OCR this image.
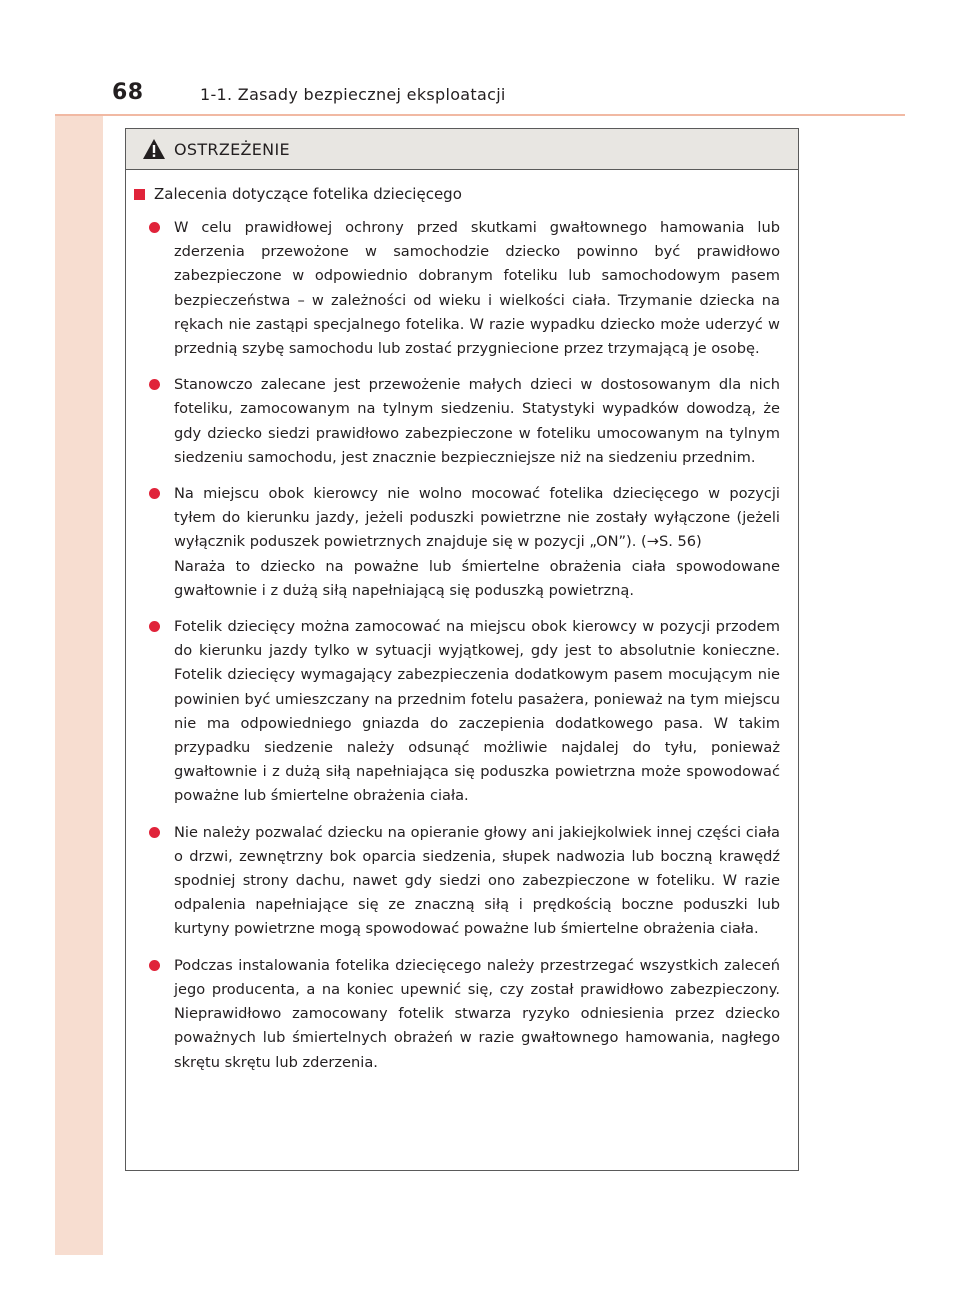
68	1-1. Zasady bezpiecznej eksploatacji
OSTRZEŻENIE
Zalecenia dotyczące fotelika dziecięcego

W celu prawidłowej ochrony przed skutkami gwałtownego hamowania lub zderzenia przewożone w samochodzie dziecko powinno być prawidłowo zabezpieczone w odpowiednio dobranym foteliku lub samochodowym pasem bezpieczeństwa – w zależności od wieku i wielkości ciała. Trzymanie dziecka na rękach nie zastąpi specjalnego fotelika. W razie wypadku dziecko może uderzyć w przednią szybę samochodu lub zostać przygniecione przez trzymającą je osobę.

Stanowczo zalecane jest przewożenie małych dzieci w dostosowanym dla nich foteliku, zamocowanym na tylnym siedzeniu. Statystyki wypadków dowodzą, że gdy dziecko siedzi prawidłowo zabezpieczone w foteliku umocowanym na tylnym siedzeniu samochodu, jest znacznie bezpieczniejsze niż na siedzeniu przednim.

Na miejscu obok kierowcy nie wolno mocować fotelika dziecięcego w pozycji tyłem do kierunku jazdy, jeżeli poduszki powietrzne nie zostały wyłączone (jeżeli wyłącznik poduszek powietrznych znajduje się w pozycji „ON”). (→S. 56)

Naraża to dziecko na poważne lub śmiertelne obrażenia ciała spowodowane gwałtownie i z dużą siłą napełniającą się poduszką powietrzną.

Fotelik dziecięcy można zamocować na miejscu obok kierowcy w pozycji przodem do kierunku jazdy tylko w sytuacji wyjątkowej, gdy jest to absolutnie konieczne. Fotelik dziecięcy wymagający zabezpieczenia dodatkowym pasem mocującym nie powinien być umieszczany na przednim fotelu pasażera, ponieważ na tym miejscu nie ma odpowiedniego gniazda do zaczepienia dodatkowego pasa. W takim przypadku siedzenie należy odsunąć możliwie najdalej do tyłu, ponieważ gwałtownie i z dużą siłą napełniająca się poduszka powietrzna może spowodować poważne lub śmiertelne obrażenia ciała.

Nie należy pozwalać dziecku na opieranie głowy ani jakiejkolwiek innej części ciała o drzwi, zewnętrzny bok oparcia siedzenia, słupek nadwozia lub boczną krawędź spodniej strony dachu, nawet gdy siedzi ono zabezpieczone w foteliku. W razie odpalenia napełniające się ze znaczną siłą i prędkością boczne poduszki lub kurtyny powietrzne mogą spowodować poważne lub śmiertelne obrażenia ciała.

Podczas instalowania fotelika dziecięcego należy przestrzegać wszystkich zaleceń jego producenta, a na koniec upewnić się, czy został prawidłowo zabezpieczony. Nieprawidłowo zamocowany fotelik stwarza ryzyko odniesienia przez dziecko poważnych lub śmiertelnych obrażeń w razie gwałtownego hamowania, nagłego skrętu skrętu lub zderzenia.
